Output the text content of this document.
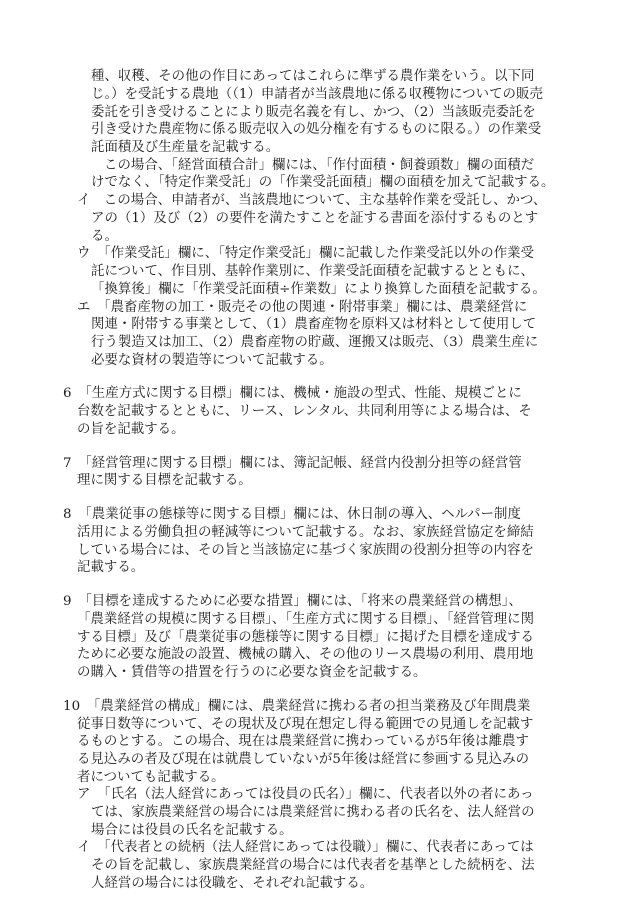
種、収穫、その他の作目にあってはこれらに準ずる農作業をいう。以下同
じ。）を受託する農地（（1）申請者が当該農地に係る収穫物についての販売
委託を引き受けることにより販売名義を有し、かつ、（2）当該販売委託を
引き受けた農産物に係る販売収入の処分権を有するものに限る。）の作業受
託面積及び生産量を記載する。
この場合、「経営面積合計」欄には、「作付面積・飼養頭数」欄の面積だ
けでなく、「特定作業受託」の「作業受託面積」欄の面積を加えて記載する。
イ　この場合、申請者が、当該農地について、主な基幹作業を受託し、かつ、
アの（1）及び（2）の要件を満たすことを証する書面を添付するものとす
る。
ウ　「作業受託」欄に、「特定作業受託」欄に記載した作業受託以外の作業受
託について、作目別、基幹作業別に、作業受託面積を記載するとともに、
「換算後」欄に「作業受託面積÷作業数」により換算した面積を記載する。
エ　「農畜産物の加工・販売その他の関連・附帯事業」欄には、農業経営に
関連・附帯する事業として、（1）農畜産物を原料又は材料として使用して
行う製造又は加工、（2）農畜産物の貯蔵、運搬又は販売、（3）農業生産に
必要な資材の製造等について記載する。
6　「生産方式に関する目標」欄には、機械・施設の型式、性能、規模ごとに
台数を記載するとともに、リース、レンタル、共同利用等による場合は、そ
の旨を記載する。
7　「経営管理に関する目標」欄には、簿記記帳、経営内役割分担等の経営管
理に関する目標を記載する。
8　「農業従事の態様等に関する目標」欄には、休日制の導入、ヘルパー制度
活用による労働負担の軽減等について記載する。なお、家族経営協定を締結
している場合には、その旨と当該協定に基づく家族間の役割分担等の内容を
記載する。
9　「目標を達成するために必要な措置」欄には、「将来の農業経営の構想」、
「農業経営の規模に関する目標」、「生産方式に関する目標」、「経営管理に関
する目標」及び「農業従事の態様等に関する目標」に掲げた目標を達成する
ために必要な施設の設置、機械の購入、その他のリース農場の利用、農用地
の購入・賃借等の措置を行うのに必要な資金を記載する。
10　「農業経営の構成」欄には、農業経営に携わる者の担当業務及び年間農業
従事日数等について、その現状及び現在想定し得る範囲での見通しを記載す
るものとする。この場合、現在は農業経営に携わっているが5年後は離農す
る見込みの者及び現在は就農していないが5年後は経営に参画する見込みの
者についても記載する。
ア　「氏名（法人経営にあっては役員の氏名）」欄に、代表者以外の者にあっ
ては、家族農業経営の場合には農業経営に携わる者の氏名を、法人経営の
場合には役員の氏名を記載する。
イ　「代表者との続柄（法人経営にあっては役職）」欄に、代表者にあっては
その旨を記載し、家族農業経営の場合には代表者を基準とした続柄を、法
人経営の場合には役職を、それぞれ記載する。
